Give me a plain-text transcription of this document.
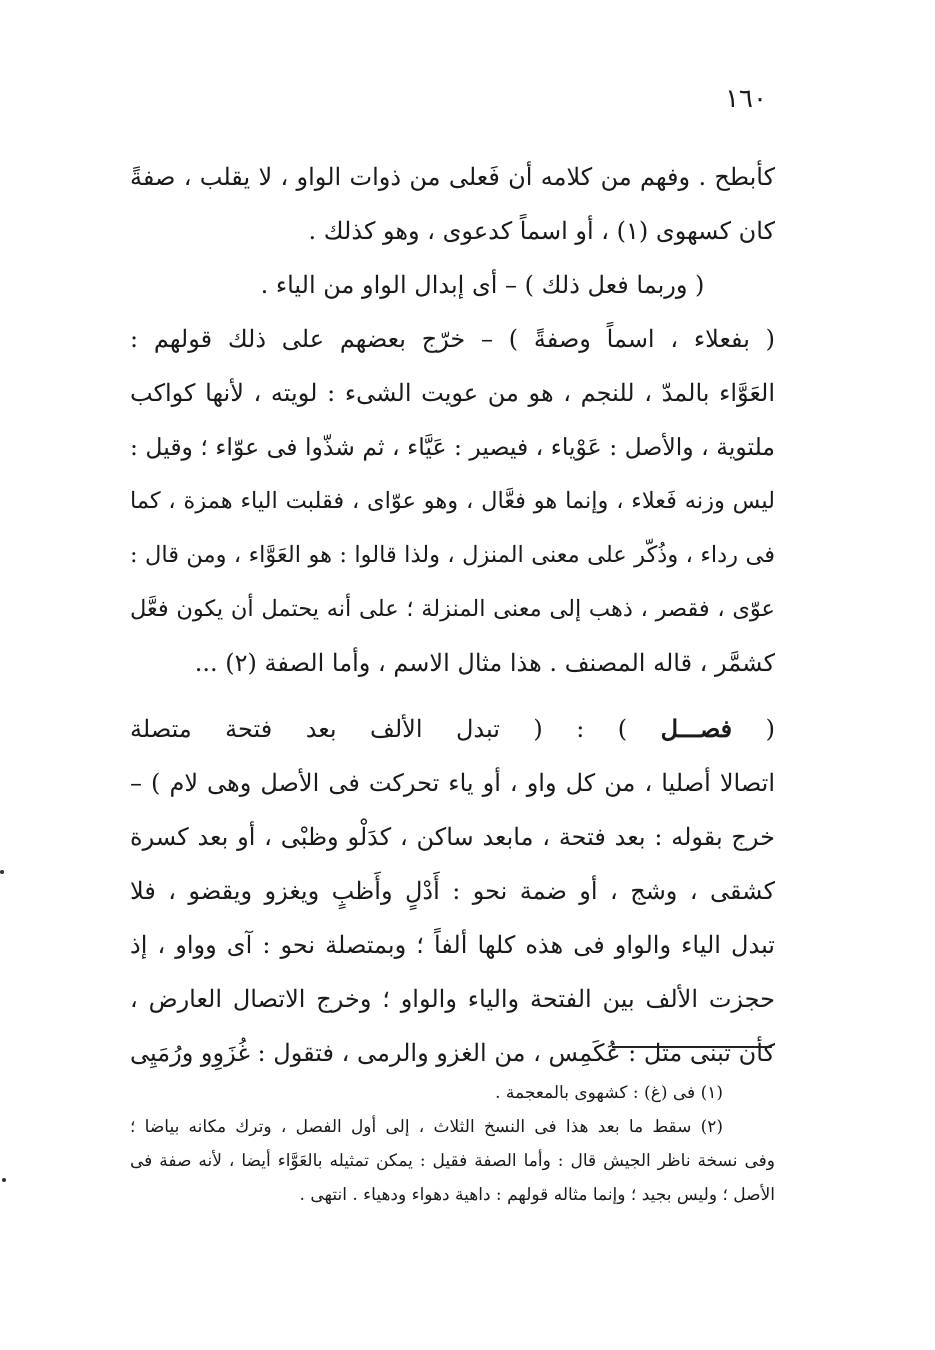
١٦٠
كأبطح . وفهم من كلامه أن فَعلى من ذوات الواو ، لا يقلب ، صفةً
كان كسهوى (١) ، أو اسماً كدعوى ، وهو كذلك .
( وربما فعل ذلك ) – أى إبدال الواو من الياء .
( بفعلاء ، اسماً وصفةً ) – خرّج بعضهم على ذلك قولهم :
العَوَّاء بالمدّ ، للنجم ، هو من عويت الشىء : لويته ، لأنها كواكب
ملتوية ، والأصل : عَوْياء ، فيصير : عَيَّاء ، ثم شذّوا فى عوّاء ؛ وقيل :
ليس وزنه فَعلاء ، وإنما هو فعَّال ، وهو عوّاى ، فقلبت الياء همزة ، كما
فى رداء ، وذُكّر على معنى المنزل ، ولذا قالوا : هو العَوَّاء ، ومن قال :
عوّى ، فقصر ، ذهب إلى معنى المنزلة ؛ على أنه يحتمل أن يكون فعَّل
كشمَّر ، قاله المصنف . هذا مثال الاسم ، وأما الصفة (٢) ...
( فصـــل ) : ( تبدل الألف بعد فتحة متصلة
اتصالا أصليا ، من كل واو ، أو ياء تحركت فى الأصل وهى لام ) –
خرج بقوله : بعد فتحة ، مابعد ساكن ، كدَلْو وظبْى ، أو بعد كسرة
كشقى ، وشج ، أو ضمة نحو : أَدْلٍ وأَظبٍ ويغزو ويقضو ، فلا
تبدل الياء والواو فى هذه كلها ألفاً ؛ وبمتصلة نحو : آى وواو ، إذ
حجزت الألف بين الفتحة والياء والواو ؛ وخرج الاتصال العارض ،
كأن تبنى مثل : عُكَمِس ، من الغزو والرمى ، فتقول : غُزَوِو ورُمَيِى
(١) فى (غ) : كشهوى بالمعجمة .
(٢) سقط ما بعد هذا فى النسخ الثلاث ، إلى أول الفصل ، وترك مكانه بياضا ؛
وفى نسخة ناظر الجيش قال : وأما الصفة فقيل : يمكن تمثيله بالعَوَّاء أيضا ، لأنه صفة فى
الأصل ؛ وليس بجيد ؛ وإنما مثاله قولهم : داهية دهواء ودهياء . انتهى .
